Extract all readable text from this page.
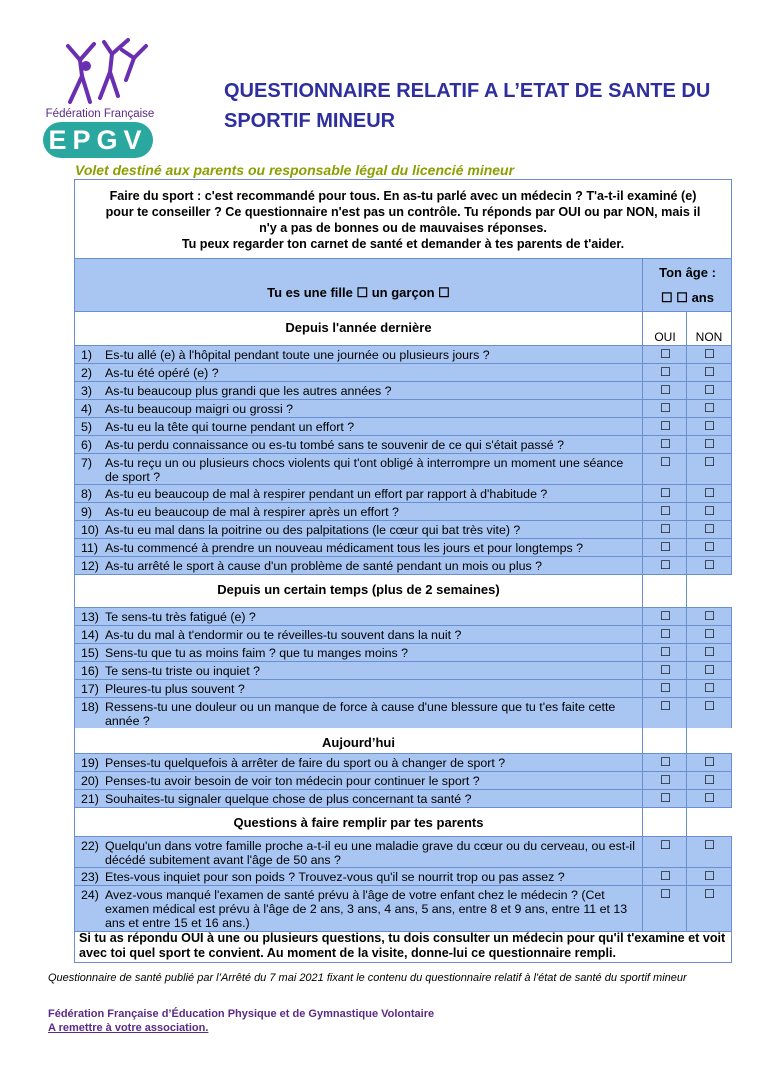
Fédération Française
EPGV
QUESTIONNAIRE RELATIF A L’ETAT DE SANTE DU
SPORTIF MINEUR
Volet destiné aux parents ou responsable légal du licencié mineur
Faire du sport : c'est recommandé pour tous. En as-tu parlé avec un médecin ? T'a-t-il examiné (e)
pour te conseiller ? Ce questionnaire n'est pas un contrôle. Tu réponds par OUI ou par NON, mais il
n'y a pas de bonnes ou de mauvaises réponses.
Tu peux regarder ton carnet de santé et demander à tes parents de t'aider.
Tu es une fille ☐ un garçon ☐
Ton âge :
☐ ☐ ans
Depuis l'année dernière
OUI	NON
1) Es-tu allé (e) à l'hôpital pendant toute une journée ou plusieurs jours ?	☐	☐
2) As-tu été opéré (e) ?	☐	☐
3) As-tu beaucoup plus grandi que les autres années ?	☐	☐
4) As-tu beaucoup maigri ou grossi ?	☐	☐
5) As-tu eu la tête qui tourne pendant un effort ?	☐	☐
6) As-tu perdu connaissance ou es-tu tombé sans te souvenir de ce qui s'était passé ?	☐	☐
7) As-tu reçu un ou plusieurs chocs violents qui t'ont obligé à interrompre un moment une séance de sport ?
☐	☐
8) As-tu eu beaucoup de mal à respirer pendant un effort par rapport à d'habitude ?	☐	☐
9) As-tu eu beaucoup de mal à respirer après un effort ?	☐	☐
10) As-tu eu mal dans la poitrine ou des palpitations (le cœur qui bat très vite) ?	☐	☐
11) As-tu commencé à prendre un nouveau médicament tous les jours et pour longtemps ?	☐	☐
12) As-tu arrêté le sport à cause d'un problème de santé pendant un mois ou plus ?	☐	☐
Depuis un certain temps (plus de 2 semaines)
13) Te sens-tu très fatigué (e) ?	☐	☐
14) As-tu du mal à t'endormir ou te réveilles-tu souvent dans la nuit ?	☐	☐
15) Sens-tu que tu as moins faim ? que tu manges moins ?	☐	☐
16) Te sens-tu triste ou inquiet ?	☐	☐
17) Pleures-tu plus souvent ?	☐	☐
18) Ressens-tu une douleur ou un manque de force à cause d'une blessure que tu t'es faite cette année ?
☐	☐
Aujourd’hui
19) Penses-tu quelquefois à arrêter de faire du sport ou à changer de sport ?	☐	☐
20) Penses-tu avoir besoin de voir ton médecin pour continuer le sport ?	☐	☐
21) Souhaites-tu signaler quelque chose de plus concernant ta santé ?	☐	☐
Questions à faire remplir par tes parents
22) Quelqu'un dans votre famille proche a-t-il eu une maladie grave du cœur ou du cerveau, ou est-il décédé subitement avant l'âge de 50 ans ?
☐	☐
23) Etes-vous inquiet pour son poids ? Trouvez-vous qu'il se nourrit trop ou pas assez ?	☐	☐
24) Avez-vous manqué l'examen de santé prévu à l'âge de votre enfant chez le médecin ? (Cet examen médical est prévu à l'âge de 2 ans, 3 ans, 4 ans, 5 ans, entre 8 et 9 ans, entre 11 et 13 ans et entre 15 et 16 ans.)
☐	☐
Si tu as répondu OUI à une ou plusieurs questions, tu dois consulter un médecin pour qu'il t'examine et voit avec toi quel sport te convient. Au moment de la visite, donne-lui ce questionnaire rempli.
Questionnaire de santé publié par l’Arrêté du 7 mai 2021 fixant le contenu du questionnaire relatif à l'état de santé du sportif mineur
Fédération Française d’Éducation Physique et de Gymnastique Volontaire
A remettre à votre association.
